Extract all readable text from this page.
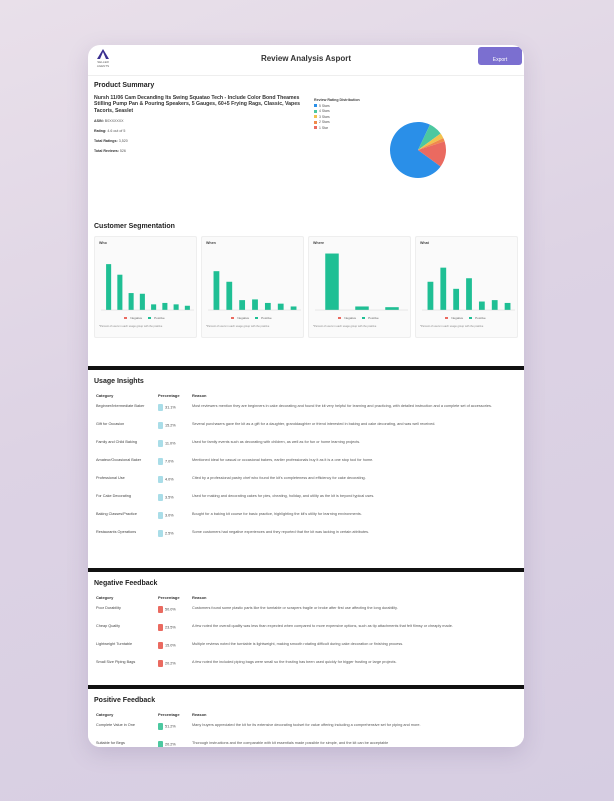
SELLER AGENTS
Review Analysis Asport	Export
Product Summary
Nursh 11/06 Cam Decanding Its Swing Squatao Tech - Include Color Bond Theames Stilling Pump Pan & Pouring Speakers, 5 Gauges, 60+5 Frying Rags, Classic, Vapes Tacoris, Seaslet
ASIN: B0XXXXXX
Rating: 4.6 out of 5
Total Ratings: 3,520
Total Reviews: 526
Review Rating Distribution
5 Stars
4 Stars
3 Stars
2 Stars
1 Star
Customer Segmentation
Who
Negative	Positive
*Percent of users in each usage group with the positive
When
Negative	Positive
*Percent of users in each usage group with the positive
Where
Negative	Positive
*Percent of users in each usage group with the positive
What
Negative	Positive
*Percent of users in each usage group with the positive
Usage Insights
Category	Percentage	Reason
Beginner/Intermediate Baker	31.1%	Most reviewers mention they are beginners in cake decorating and found the kit very helpful for learning and practicing, with detailed instruction and a complete set of accessories.
Gift for Occasion	15.2%	Several purchasers gave the kit as a gift for a daughter, granddaughter or friend interested in baking and cake decorating, and was well received.
Family and Child Baking	11.0%	Used for family events such as decorating with children, as well as for fun or home learning projects.
Amateur/Occasional Baker	7.0%	Mentioned ideal for casual or occasional bakers, earlier professionals buy it as it is a one stop tool for home.
Professional Use	4.0%	Cited by a professional pastry chef who found the kit's completeness and efficiency for cake decorating.
For Cake Decorating	3.5%	Used for making and decorating cakes for pies, cheating, holiday, and utility as the kit is beyond typical uses.
Baking Classes/Practice	3.0%	Bought for a baking kit course for basic practice, highlighting the kit's utility for learning environments.
Restaurants Operations	2.5%	Some customers had negative experiences and they reported that the kit was lacking in certain attributes.
Negative Feedback
Category	Percentage	Reason
Poor Durability	50.0%	Customers found some plastic parts like the turntable or scrapers fragile or broke after first use affecting the long durability.
Cheap Quality	23.5%	A few noted the overall quality was less than expected when compared to more expensive options, such as tip attachments that felt flimsy or cheaply made.
Lightweight Turntable	15.0%	Multiple reviews noted the turntable is lightweight, making smooth rotating difficult during cake decoration or finishing process.
Small Size Piping Bags	20.2%	A few noted the included piping bags were small so the frosting has been used quickly for bigger frosting or large projects.
Positive Feedback
Category	Percentage	Reason
Complete Value in One	51.2%	Many buyers appreciated the kit for its extensive decorating toolset for value offering including a comprehensive set for piping and more.
Suitable for Begs	20.2%	Thorough instructions and the comparable with kit essentials made possible for simple, and the kit can be acceptable
